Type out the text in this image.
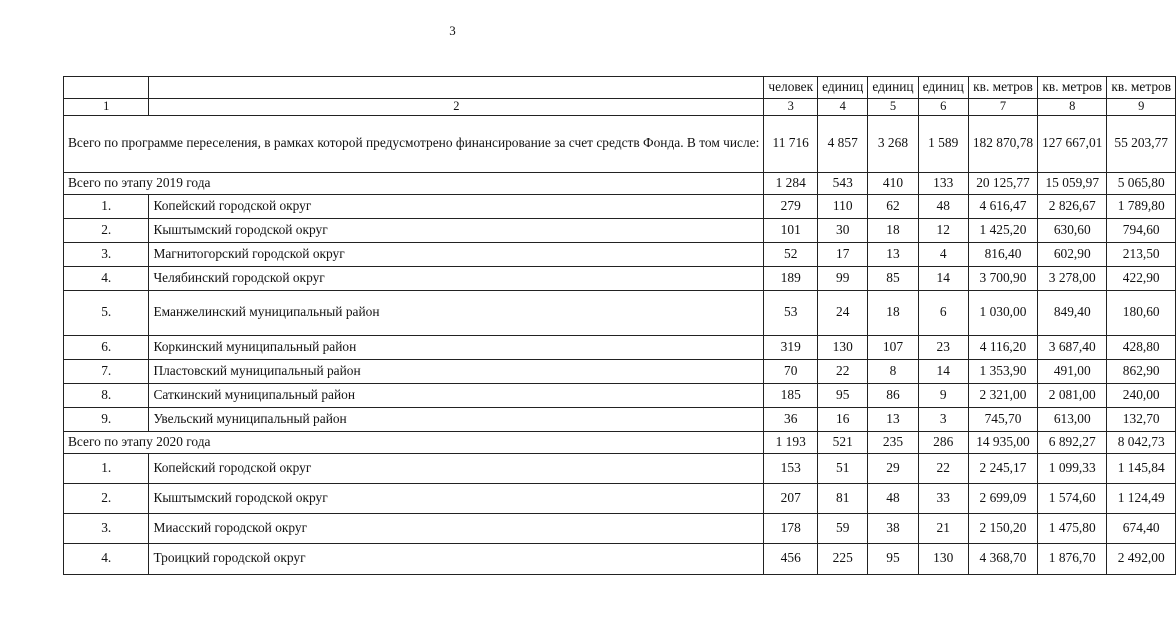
3
		человек	единиц	единиц	единиц	кв. метров	кв. метров	кв. метров
1	2	3	4	5	6	7	8	9
Всего по программе переселения, в рамках которой предусмотрено финансирование за счет средств Фонда. В том числе:		11 716	4 857	3 268	1 589	182 870,78	127 667,01	55 203,77
Всего по этапу 2019 года		1 284	543	410	133	20 125,77	15 059,97	5 065,80
1.	Копейский городской округ	279	110	62	48	4 616,47	2 826,67	1 789,80
2.	Кыштымский городской округ	101	30	18	12	1 425,20	630,60	794,60
3.	Магнитогорский городской округ	52	17	13	4	816,40	602,90	213,50
4.	Челябинский городской округ	189	99	85	14	3 700,90	3 278,00	422,90
5.	Еманжелинский муниципальный район	53	24	18	6	1 030,00	849,40	180,60
6.	Коркинский муниципальный район	319	130	107	23	4 116,20	3 687,40	428,80
7.	Пластовский муниципальный район	70	22	8	14	1 353,90	491,00	862,90
8.	Саткинский муниципальный район	185	95	86	9	2 321,00	2 081,00	240,00
9.	Увельский муниципальный район	36	16	13	3	745,70	613,00	132,70
Всего по этапу 2020 года		1 193	521	235	286	14 935,00	6 892,27	8 042,73
1.	Копейский городской округ	153	51	29	22	2 245,17	1 099,33	1 145,84
2.	Кыштымский городской округ	207	81	48	33	2 699,09	1 574,60	1 124,49
3.	Миасский городской округ	178	59	38	21	2 150,20	1 475,80	674,40
4.	Троицкий городской округ	456	225	95	130	4 368,70	1 876,70	2 492,00
